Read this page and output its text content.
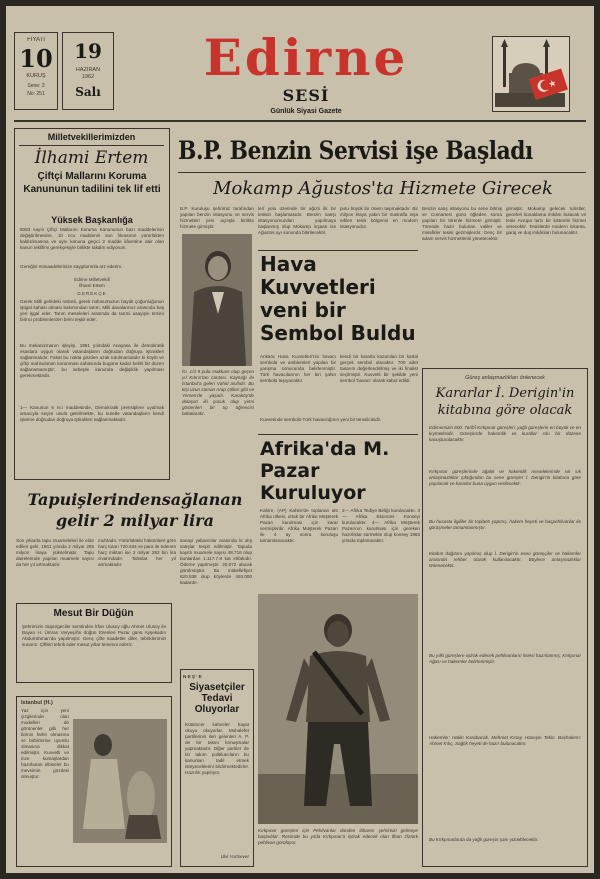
FİYATI
10
KURUŞ
Sene: 2
No: 251
19
HAZİRAN
1962
Salı
Edirne
SESİ
Günlük Siyasi Gazete
Milletvekillerimizden
İlhami Ertem
Çiftçi Mallarını Koruma Kanununun tadilini tek lif etti
Yüksek Başkanlığa
6083 sayılı Çiftçi Mallarını Koruma Kanununun bazı maddelerinin değiştirilmesine, 10 ncu maddenin son fıkrasının yürürlükten kaldırılmasına ve aynı kanuna geçici 2 madde ilâvesine dair olan kanun teklifimi gerekçesiyle birlikte takdim ediyorum.
Gereğini müsaadelerinize saygılarımla arz ederim.
Edirne Milletvekili
İlhami Ertem
GEREKÇE
Gerek Milli gelirdeki nisbeti, gerek nüfusumuzun büyük çoğunluğunun iştigal sahası olması bakımından tarım, Milli davalarımız arasında baş yeri işgal eder. Tarım meseleleri arasında da tarımi asayişin temini birinci problemlerden birini teşkil eder.
Bu mekanizmanın işleyişi, 1961 yılındaki Anayasa ile demokratik esaslara uygun olarak vatandaşların doğrudan doğruya iştirakleri sağlanmalıdır. Fakat bu nokta gözden uzak tutulmamalıdır ki köylü ve çiftçi mahsulünün korunması sahasında bugüne kadar belirli bir düzen sağlanamamıştır; bu sebeple kanunda değişiklik yapılması gerekmektedir.
1— Kanunun 6 ncı maddesinde, Demokratik prensiplere uyulmak amacıyla seçim usulü getirilmekte, bu suretle vatandaşların kendi işlerine doğrudan doğruya iştirakleri sağlanmaktadır.
Tapuişlerindensağlanan
gelir 2 milyar lira
Son yıllarda tapu muameleleri ile elde edilen gelir, 1961 yılında 2 milyar 255 milyon liraya yükselmiştir. Tapu dairelerinde yapılan muamele sayısı da her yıl artmaktadır.
muhtadır. Yürürlükteki hükümlere göre harç tutarı 720.634 ve para ile ödenen harç miktarı ise 2 milyar 292 bin lira civarındadır. Tahsilat her yıl artmaktadır.
sanayi yabancılar arasında ki alış satışlar tespit edilmiştir. Tapuda kayıtlı muamele sayısı 48.716 olup bunlardan 1.117.7.8 kat irtifakıdır. Ödeme yapılmıştır. 20.672 alacak görülmüştür. Bu mükellefiyet 620.538 olup köylerde 484.000 kadardır.
Mesut Bir Düğün
Şehrimizin Süpürgeciler semtinden İrfan Ulusoy oğlu Ahmet Ulusoy ile Bayan H. Ümran Veryeşil'in düğün törenleri Pazar günü Ayşekadın Abdurrahman'da yapılmıştır. Genç çifte saadetler diler, tebriklerimizi sunarız. Çiftleri tebrik eder mesut yıllar temenni ederiz.
İstanbul (H.)
Yaz için yeni çizgilerinde olan modelleri de görünenler gibi her birinin farklı olmasına ve birbirlerine uyumlu olmasına dikkat edilmiştir. Kuvvetli ve ince kumaşlardan hazırlanan elbiseler bu mevsimin gözdesi olmuştur.
B.P. Benzin Servisi işe Başladı
Mokamp Ağustos'ta Hizmete Girecek
B.P. Kuruluşu şehrimiz tarafından yapılan benzin istasyonu ve servis hizmetleri yeni açılışla birlikte hizmete girmiştir.
lerî yolu üzerinde bir ağızlı ilk bir tesisin başlamasıdır. Benzin satışı istasyonumuzdan yapılmaya başlanmış olup Mokamp inşaatı ise Ağustos ayı sonunda bitirilecektir.
putu büyük bir önem taşımaktadır. Bir milyon liraya yakın bir masrafla inşa edilen tesis bölgenin en modern istasyonudur.
Benzin satış istasyonu bu sene bitmiş ve Cumartesi günü öğleden sonra yapılan bir törenle hizmete girmiştir. Törende hazır bulunan valiler ve misafirler tesisi gezmişlerdir. Genç bir adam servis hizmetlerini yönetecektir.
girmiştir. Mokamp gelecek turistler, geceleri konaklama imkânı bulacak ve tesis Avrupa tarzı bir sistemle hizmet verecektir. Tesislerde modern lokanta, garaj ve duş imkânları bulunacaktır.
İsi. 1/4 9 pula makkam olup geçen yıl Kıbrıs'tan cantası. Kaynağı ile İstanbul'a gelen Vahid asıllıdır. Bu kişi uzun zaman Arap çölleri gibi ve Yemen'de yaşadı. Karaköy'de dolaşan iki çocuk olup yirmi gösterilen bir tıp öğrencisi babalarıdır.
Hava Kuvvetleri veni bir Sembol Buldu
Ankara Hava Kuvvetleri'nin havacı sembolü ve amblemleri yapılan bir yarışma sonucunda belirlenmiştir. Türk havacılarının her biri şahin sembolü taşıyacaktır.
kendi bir kararla kazanılan bir kartal gerçek sembol olacaktır. 700 adet tasarım değerlendirilmiş ve iki finalist seçilmiştir. Kuvvetli bir şekilde yeni sembol 'havacı' olarak kabul edildi.
Kuvvetinde sembolü Türk havacılığının yeni bir temsilcisidir.
Afrika'da M. Pazar Kuruluyor
Kahire, (AP) Kahire'de toplanan altı Afrika ülkesi, ortak bir Afrika Müşterek Pazarı kurulması için karar vermişlerdir. Afrika Müşterek Pazarı ile 4 ay sonra kuruluşu tamamlanacaktır.
2— Afrika Tediye Birliği kurulacaktır. 3— Afrika Ekonomi Konseyi kurulacaktır. 4— Afrika Müşterek Pazarının kurulması için gereken hazırlıklar sürmekte olup konsey 1963 yılında toplanacaktır.
N E Ş ' E
Siyasetçiler Tedavi Oluyorlar
Kütümcer kahveler hayat okuyu okuyorlar. Muhalefet partilerinin ileri gelenleri A. P. de bir takım konuşmalar yapmaktadır. Diğer partiler de bir takım politikacıların bu kanunları tadil etmek isteyeceklerini bildirmektedirler. Hazırlık yapılıyor.
Ulvi Yurtsever
Kırkpınar güreşleri için Pehlivanlar dünden itibaren şehrimizi gelmeye başladılar. Resimde bu yılda Kırkpınar'a iştirak edecek olan İlhan Öztürk pehlivan görülüyor.
Güreş anlaşmazlıkları önlenecek
Kararlar İ. Derigin'in kitabına göre olacak
Edirnemizin 600. Tarihî Kırkpınar güreşleri, yağlı güreşlerin en büyük ve en kıymetlisidir. Güreşlerde hakemlik ve kurallar sıkı bir düzene kavuşturulacaktır.
Kırkpınar güreşlerinde ağalık ve hakemlik meselelerinde sık sık anlaşmazlıklar çıktığından bu sene güreşler İ. Derigin'in kitabına göre yapılacak ve kararlar buna uygun verilecektir.
Bu hususta ilgililer bir toplantı yapmış, hakem heyeti ve başpehlivanlar ile görüşmeler tamamlanmıştır.
Kitabın dağıtımı yapılmış olup İ. Derigin'in eseri güreşçiler ve hakemler arasında rehber olarak kullanılacaktır. Böylece anlaşmazlıklar önlenecektir.
Bu yılki güreşlere iştirak edecek pehlivanların listesi hazırlanmış, Kırkpınar Ağası ve hakemler belirlenmiştir.
Hakemler: Hakkı Karabacak, Mehmet Kınay, Hüseyin Tekin. Başhakem: Ahmet Kılıç. Sağlık heyeti de hazır bulunacaktır.
Bu Kırkpınarlarda da yağlı güreşin şanı yüceltilecektir.
